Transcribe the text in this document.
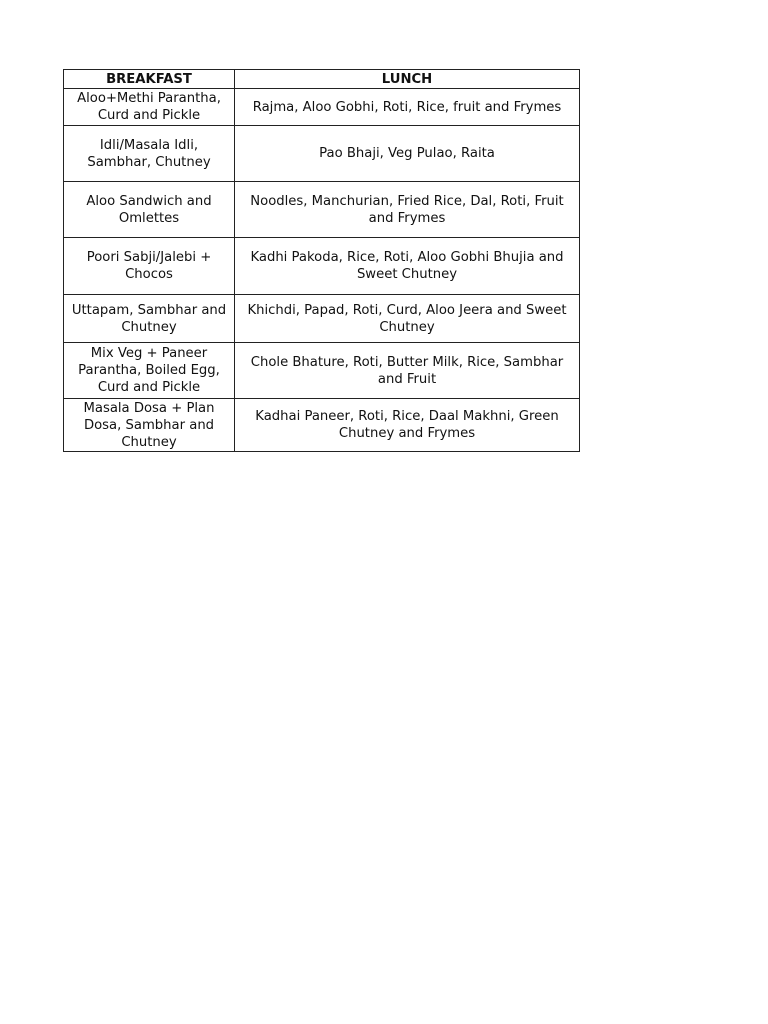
BREAKFAST	LUNCH
Aloo+Methi Parantha, Curd and Pickle	Rajma, Aloo Gobhi, Roti, Rice, fruit and Frymes
Idli/Masala Idli, Sambhar, Chutney	Pao Bhaji, Veg Pulao, Raita
Aloo Sandwich and Omlettes	Noodles, Manchurian, Fried Rice, Dal, Roti, Fruit and Frymes
Poori Sabji/Jalebi + Chocos	Kadhi Pakoda, Rice, Roti, Aloo Gobhi Bhujia and Sweet Chutney
Uttapam, Sambhar and Chutney	Khichdi, Papad, Roti, Curd, Aloo Jeera and Sweet Chutney
Mix Veg + Paneer Parantha, Boiled Egg, Curd and Pickle	Chole Bhature, Roti, Butter Milk, Rice, Sambhar and Fruit
Masala Dosa + Plan Dosa, Sambhar and Chutney	Kadhai Paneer, Roti, Rice, Daal Makhni, Green Chutney and Frymes
